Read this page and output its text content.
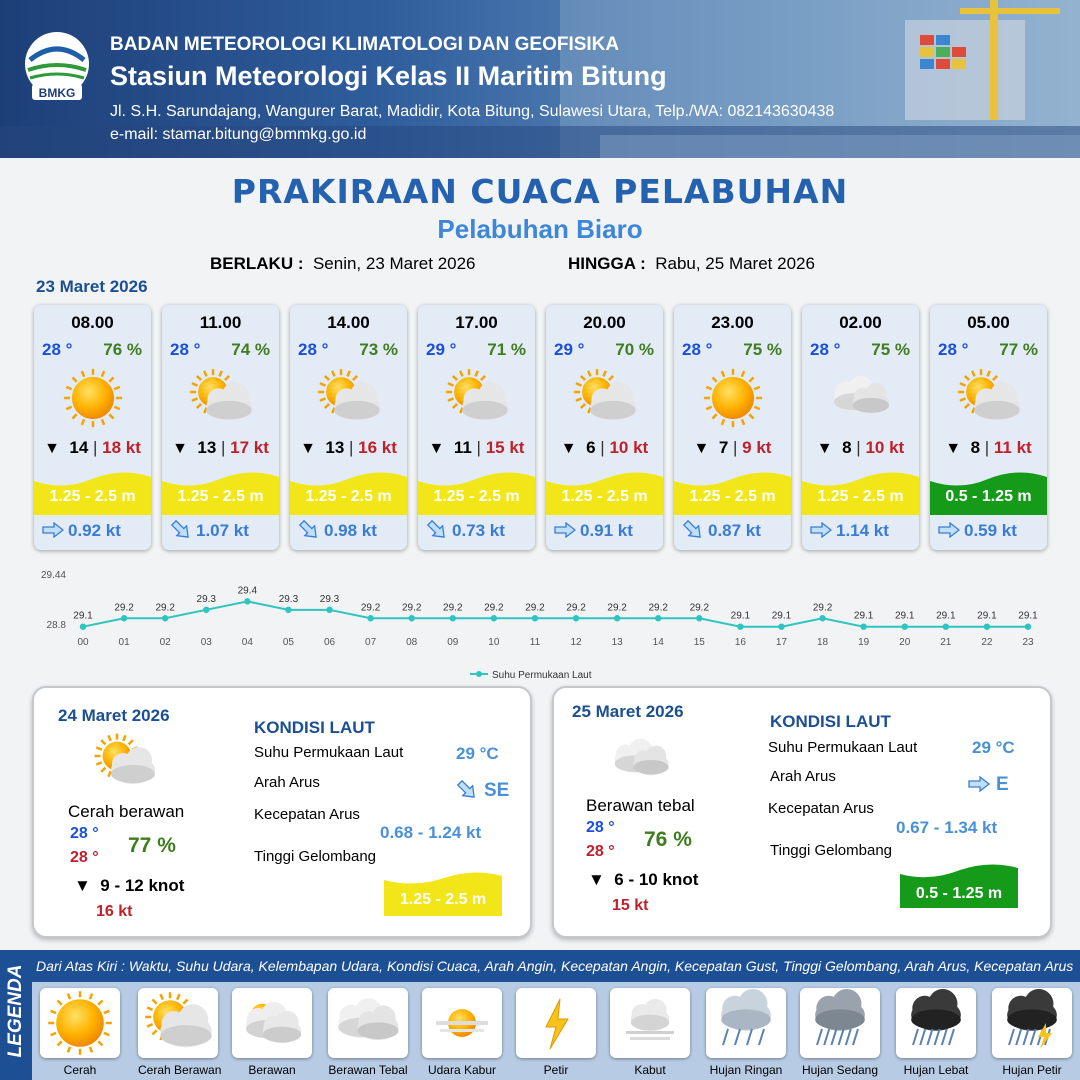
BMKG
BADAN METEOROLOGI KLIMATOLOGI DAN GEOFISIKA
Stasiun Meteorologi Kelas II Maritim Bitung
Jl. S.H. Sarundajang, Wangurer Barat, Madidir, Kota Bitung, Sulawesi Utara, Telp./WA: 082143630438
e-mail: stamar.bitung@bmmkg.go.id
PRAKIRAAN CUACA PELABUHAN
Pelabuhan Biaro
BERLAKU : Senin, 23 Maret 2026	HINGGA : Rabu, 25 Maret 2026
23 Maret 2026
08.00
28 ° 76 %
▼ 14 | 18 kt
1.25 - 2.5 m
0.92 kt
11.00
28 ° 74 %
▼ 13 | 17 kt
1.25 - 2.5 m
1.07 kt
14.00
28 ° 73 %
▼ 13 | 16 kt
1.25 - 2.5 m
0.98 kt
17.00
29 ° 71 %
▼ 11 | 15 kt
1.25 - 2.5 m
0.73 kt
20.00
29 ° 70 %
▼ 6 | 10 kt
1.25 - 2.5 m
0.91 kt
23.00
28 ° 75 %
▼ 7 | 9 kt
1.25 - 2.5 m
0.87 kt
02.00
28 ° 75 %
▼ 8 | 10 kt
1.25 - 2.5 m
1.14 kt
05.00
28 ° 77 %
▼ 8 | 11 kt
0.5 - 1.25 m
0.59 kt
29.44
28.8
29.1
00
29.2
01
29.2
02
29.3
03
29.4
04
29.3
05
29.3
06
29.2
07
29.2
08
29.2
09
29.2
10
29.2
11
29.2
12
29.2
13
29.2
14
29.2
15
29.1
16
29.1
17
29.2
18
29.1
19
29.1
20
29.1
21
29.1
22
29.1
23
Suhu Permukaan Laut
24 Maret 2026
Cerah berawan
28 °
28 °
77 %
▼ 9 - 12 knot
16 kt
KONDISI LAUT
Suhu Permukaan Laut	29 °C
Arah Arus	SE
Kecepatan Arus
0.68 - 1.24 kt
Tinggi Gelombang
1.25 - 2.5 m
25 Maret 2026
Berawan tebal
28 °
28 °
76 %
▼ 6 - 10 knot
15 kt
KONDISI LAUT
Suhu Permukaan Laut	29 °C
Arah Arus	E
Kecepatan Arus
0.67 - 1.34 kt
Tinggi Gelombang
0.5 - 1.25 m
LEGENDA Dari Atas Kiri : Waktu, Suhu Udara, Kelembapan Udara, Kondisi Cuaca, Arah Angin, Kecepatan Angin, Kecepatan Gust, Tinggi Gelombang, Arah Arus, Kecepatan Arus
Cerah	Cerah Berawan	Berawan	Berawan Tebal	Udara Kabur	Petir	Kabut	Hujan Ringan	Hujan Sedang	Hujan Lebat	Hujan Petir
